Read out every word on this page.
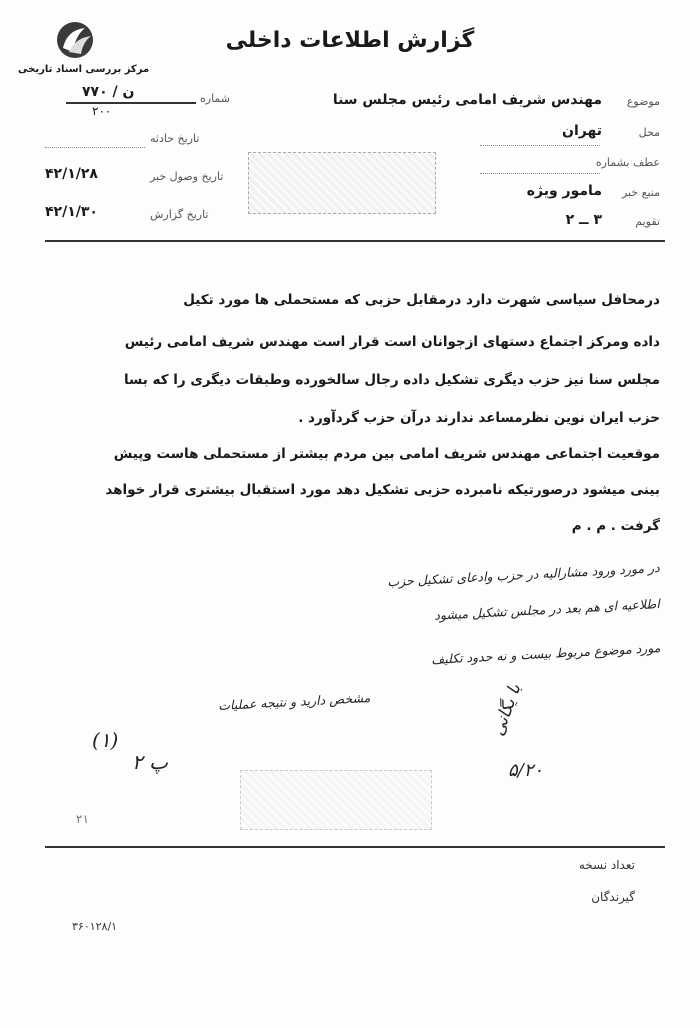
مرکز بررسی اسناد تاریخی
گزارش اطلاعات داخلی
موضوع
مهندس شریف امامی رئیس مجلس سنا
محل
تهران
عطف بشماره
منبع خبر
مامور ویژه
تقویم
۳ ــ ۲
شماره
۷۷۰ / ن
۲۰۰
تاریخ حادثه
تاریخ وصول خبر
۴۲/۱/۲۸
تاریخ گزارش
۴۲/۱/۳۰
درمحافل سیاسی شهرت دارد درمقابل حزبی که مستحملی ها مورد تکیل
داده ومرکز اجتماع دستهای ازجوانان است قرار است مهندس شریف امامی رئیس
مجلس سنا نیز حزب دیگری تشکیل داده رجال سالخورده وطبقات دیگری را که بسا
حزب ایران نوین نظرمساعد ندارند درآن حزب گردآورد .
موقعیت اجتماعی مهندس شریف امامی بین مردم بیشتر از مستحملی هاست وپیش
بینی میشود درصورتیکه نامبرده حزبی تشکیل دهد مورد استقبال بیشتری قرار خواهد
گرفت . م . م
در مورد ورود مشارالیه در حزب وادعای تشکیل حزب
اطلاعیه ای هم بعد در مجلس تشکیل میشود
مورد موضوع مربوط بیست و نه حدود تکلیف
مشخص دارید و نتیجه عملیات
(۱)
۲ پ
با یگانی
۵/۲۰
۲۱
تعداد نسخه
گیرندگان
۳۶۰۱۲۸/۱
